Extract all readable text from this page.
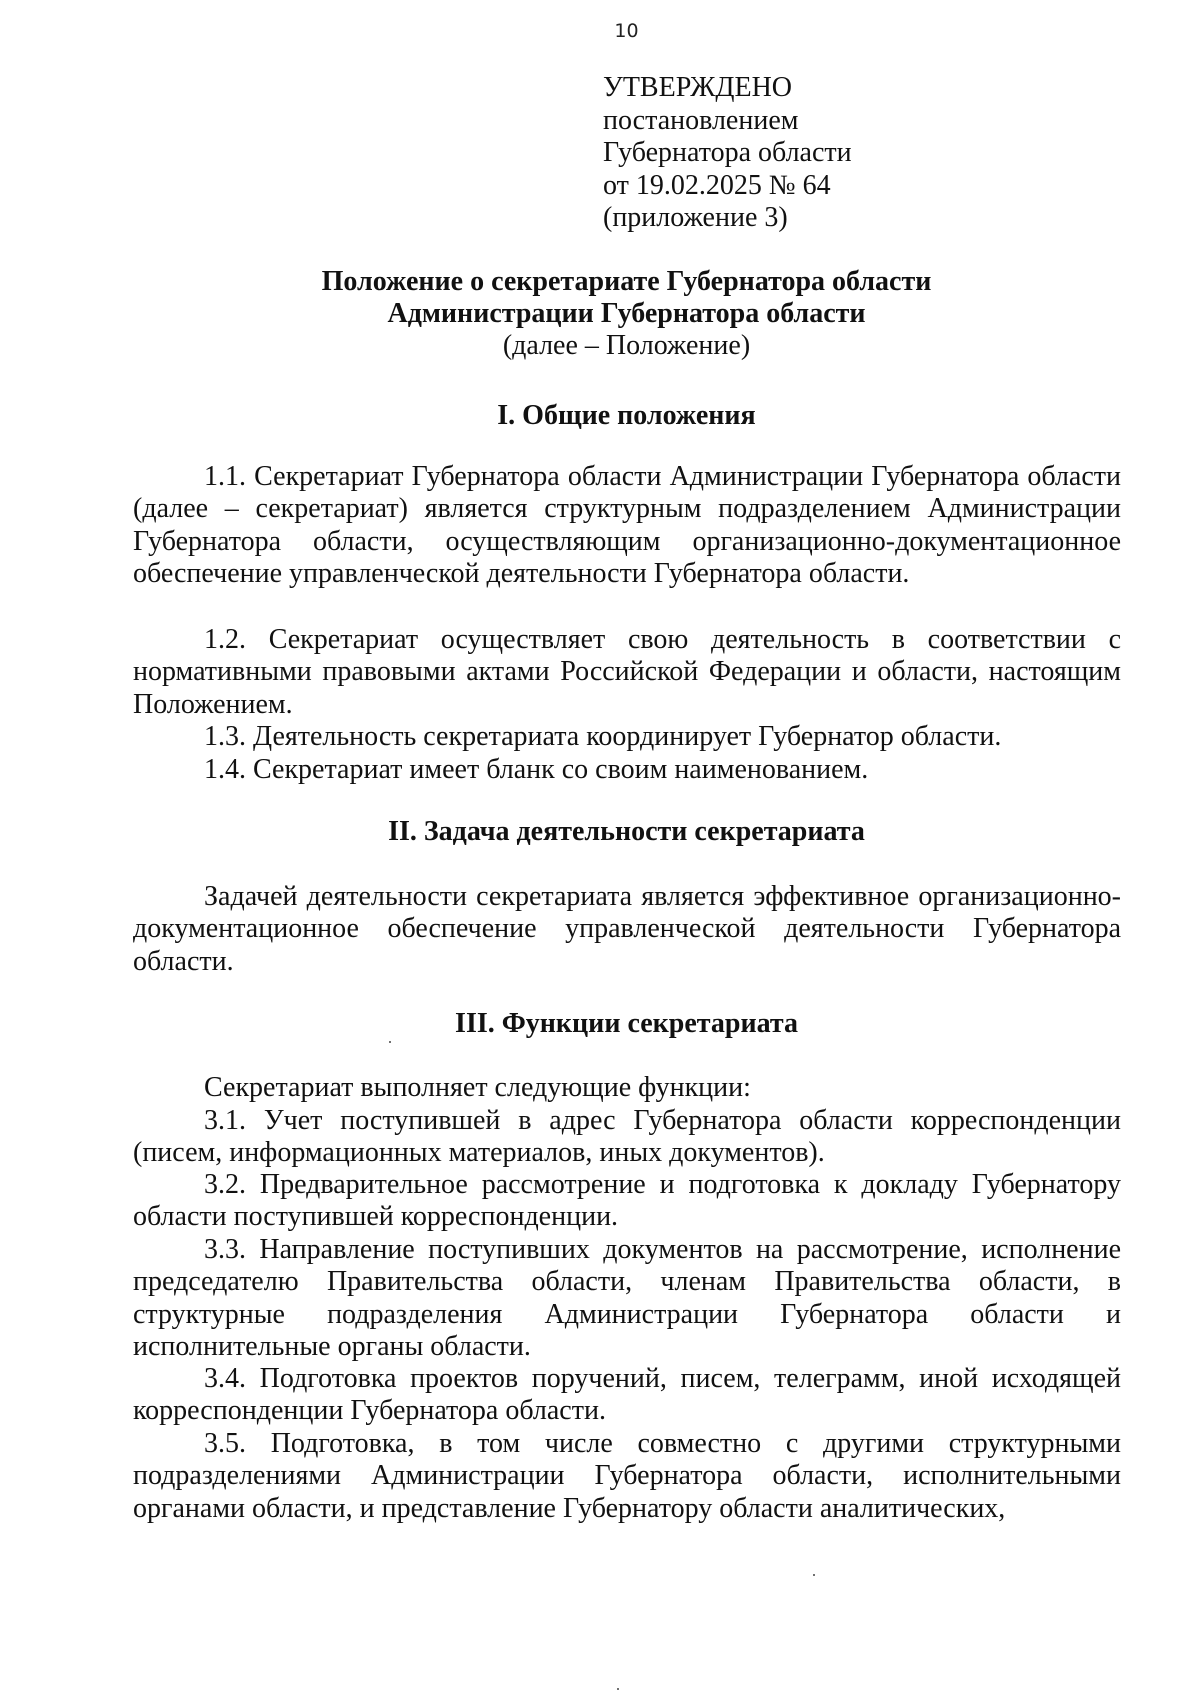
10
УТВЕРЖДЕНО
постановлением
Губернатора области
от 19.02.2025 № 64
(приложение 3)
Положение о секретариате Губернатора области
Администрации Губернатора области
(далее – Положение)
I. Общие положения

1.1. Секретариат Губернатора области Администрации Губернатора области (далее – секретариат) является структурным подразделением Администрации Губернатора области, осуществляющим организационно-документационное обеспечение управленческой деятельности Губернатора области.

1.2. Секретариат осуществляет свою деятельность в соответствии с нормативными правовыми актами Российской Федерации и области, настоящим Положением.

1.3. Деятельность секретариата координирует Губернатор области.

1.4. Секретариат имеет бланк со своим наименованием.

II. Задача деятельности секретариата

Задачей деятельности секретариата является эффективное организационно-документационное обеспечение управленческой деятельности Губернатора области.

III. Функции секретариата

Секретариат выполняет следующие функции:

3.1. Учет поступившей в адрес Губернатора области корреспонденции (писем, информационных материалов, иных документов).

3.2. Предварительное рассмотрение и подготовка к докладу Губернатору области поступившей корреспонденции.

3.3. Направление поступивших документов на рассмотрение, исполнение председателю Правительства области, членам Правительства области, в структурные подразделения Администрации Губернатора области и исполнительные органы области.

3.4. Подготовка проектов поручений, писем, телеграмм, иной исходящей корреспонденции Губернатора области.

3.5. Подготовка, в том числе совместно с другими структурными подразделениями Администрации Губернатора области, исполнительными органами области, и представление Губернатору области аналитических,
